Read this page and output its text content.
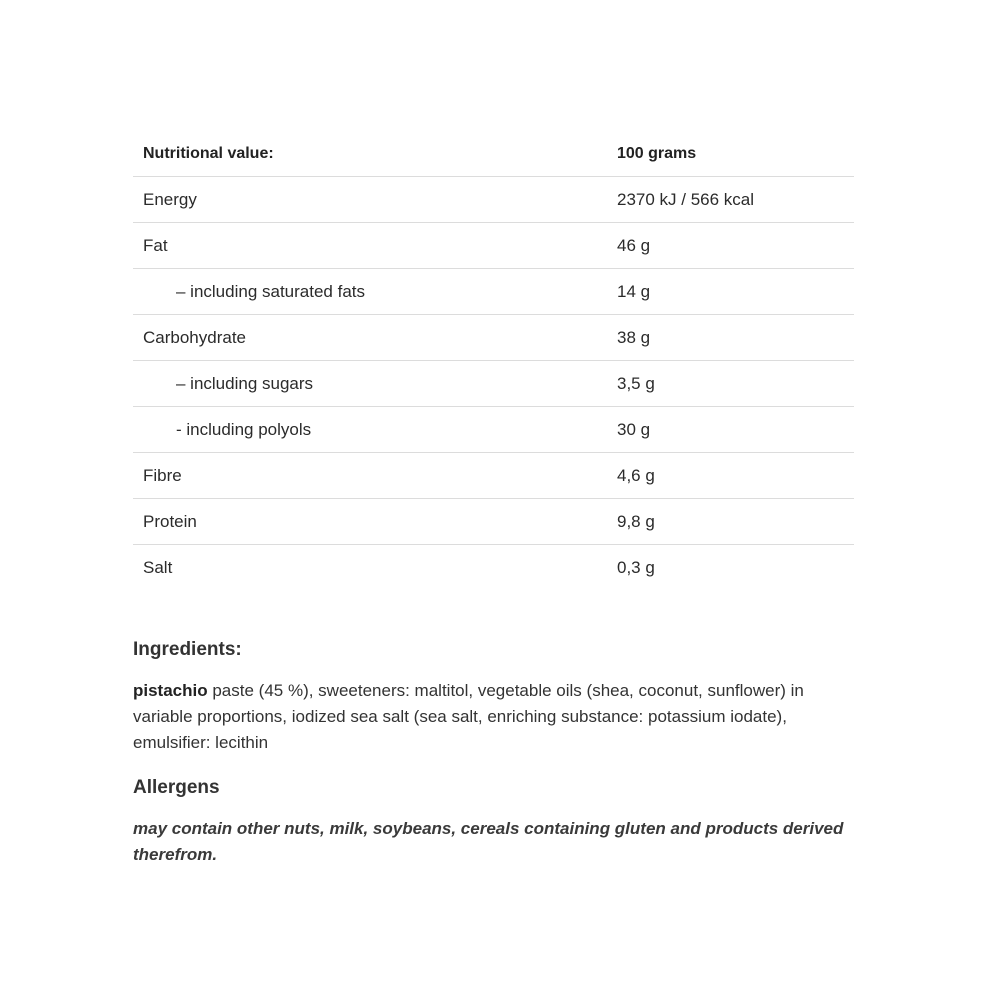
Nutritional value:	100 grams
Energy	2370 kJ / 566 kcal
Fat	46 g
– including saturated fats	14 g
Carbohydrate	38 g
– including sugars	3,5 g
- including polyols	30 g
Fibre	4,6 g
Protein	9,8 g
Salt	0,3 g
Ingredients:

pistachio paste (45 %), sweeteners: maltitol, vegetable oils (shea, coconut, sunflower) in variable proportions, iodized sea salt (sea salt, enriching substance: potassium iodate), emulsifier: lecithin

Allergens

may contain other nuts, milk, soybeans, cereals containing gluten and products derived therefrom.
